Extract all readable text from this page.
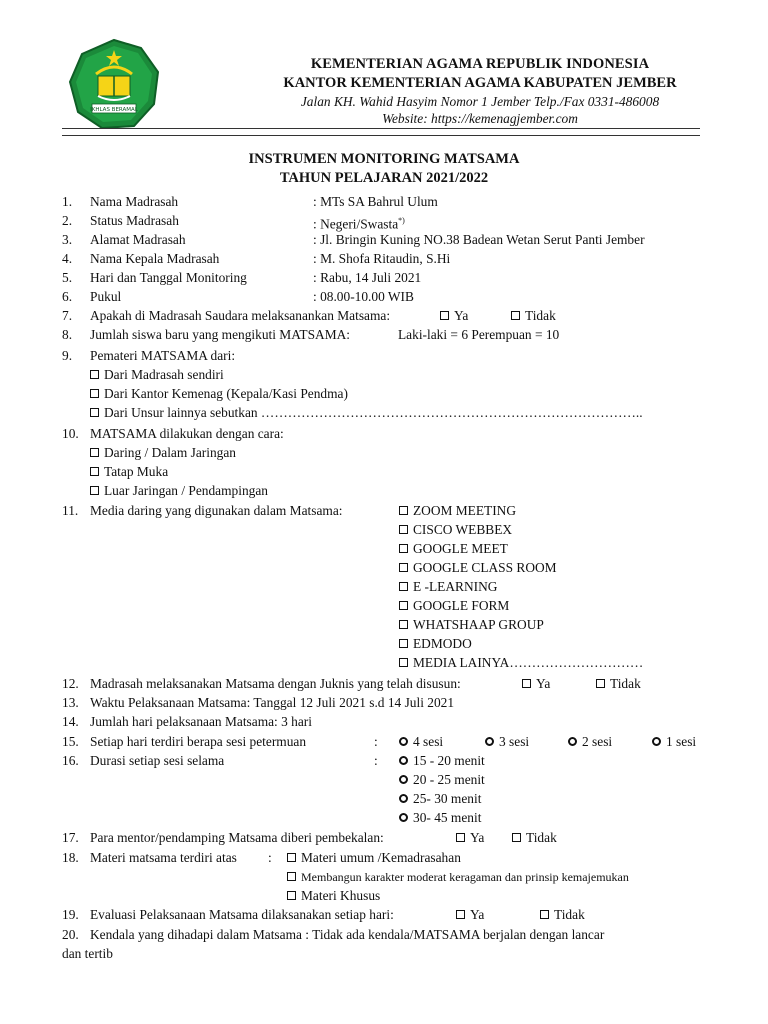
IKHLAS BERAMAL
KEMENTERIAN AGAMA REPUBLIK INDONESIA
KANTOR KEMENTERIAN AGAMA KABUPATEN JEMBER
Jalan KH. Wahid Hasyim Nomor 1 Jember Telp./Fax 0331-486008
Website: https://kemenagjember.com
INSTRUMEN MONITORING MATSAMA
TAHUN PELAJARAN 2021/2022
1. Nama Madrasah	: MTs SA Bahrul Ulum
2. Status Madrasah	: Negeri/Swasta*)
3. Alamat Madrasah	: Jl. Bringin Kuning NO.38 Badean Wetan Serut Panti Jember
4. Nama Kepala Madrasah	: M. Shofa Ritaudin, S.Hi
5. Hari dan Tanggal Monitoring	: Rabu, 14 Juli 2021
6. Pukul	: 08.00-10.00 WIB
7. Apakah di Madrasah Saudara melaksanankan Matsama:	Ya	Tidak
8. Jumlah siswa baru yang mengikuti MATSAMA:	Laki-laki = 6 Perempuan = 10
9. Pemateri MATSAMA dari:
Dari Madrasah sendiri
Dari Kantor Kemenag (Kepala/Kasi Pendma)
Dari Unsur lainnya sebutkan …………………………………………………………………………..
10. MATSAMA dilakukan dengan cara:
Daring / Dalam Jaringan
Tatap Muka
Luar Jaringan / Pendampingan
11. Media daring yang digunakan dalam Matsama:	ZOOM MEETING
CISCO WEBBEX
GOOGLE MEET
GOOGLE CLASS ROOM
E -LEARNING
GOOGLE FORM
WHATSHAAP GROUP
EDMODO
MEDIA LAINYA…………………………
12. Madrasah melaksanakan Matsama dengan Juknis yang telah disusun:	Ya	Tidak
13. Waktu Pelaksanaan Matsama: Tanggal 12 Juli 2021 s.d 14 Juli 2021
14. Jumlah hari pelaksanaan Matsama: 3 hari
15. Setiap hari terdiri berapa sesi petermuan	:	4 sesi	3 sesi	2 sesi	1 sesi
16. Durasi setiap sesi selama	:	15 - 20 menit
20 - 25 menit
25- 30 menit
30- 45 menit
17. Para mentor/pendamping Matsama diberi pembekalan:	Ya	Tidak
18. Materi matsama terdiri atas :	Materi umum /Kemadrasahan
Membangun karakter moderat keragaman dan prinsip kemajemukan
Materi Khusus
19. Evaluasi Pelaksanaan Matsama dilaksanakan setiap hari:	Ya	Tidak
20. Kendala yang dihadapi dalam Matsama : Tidak ada kendala/MATSAMA berjalan dengan lancar
dan tertib
